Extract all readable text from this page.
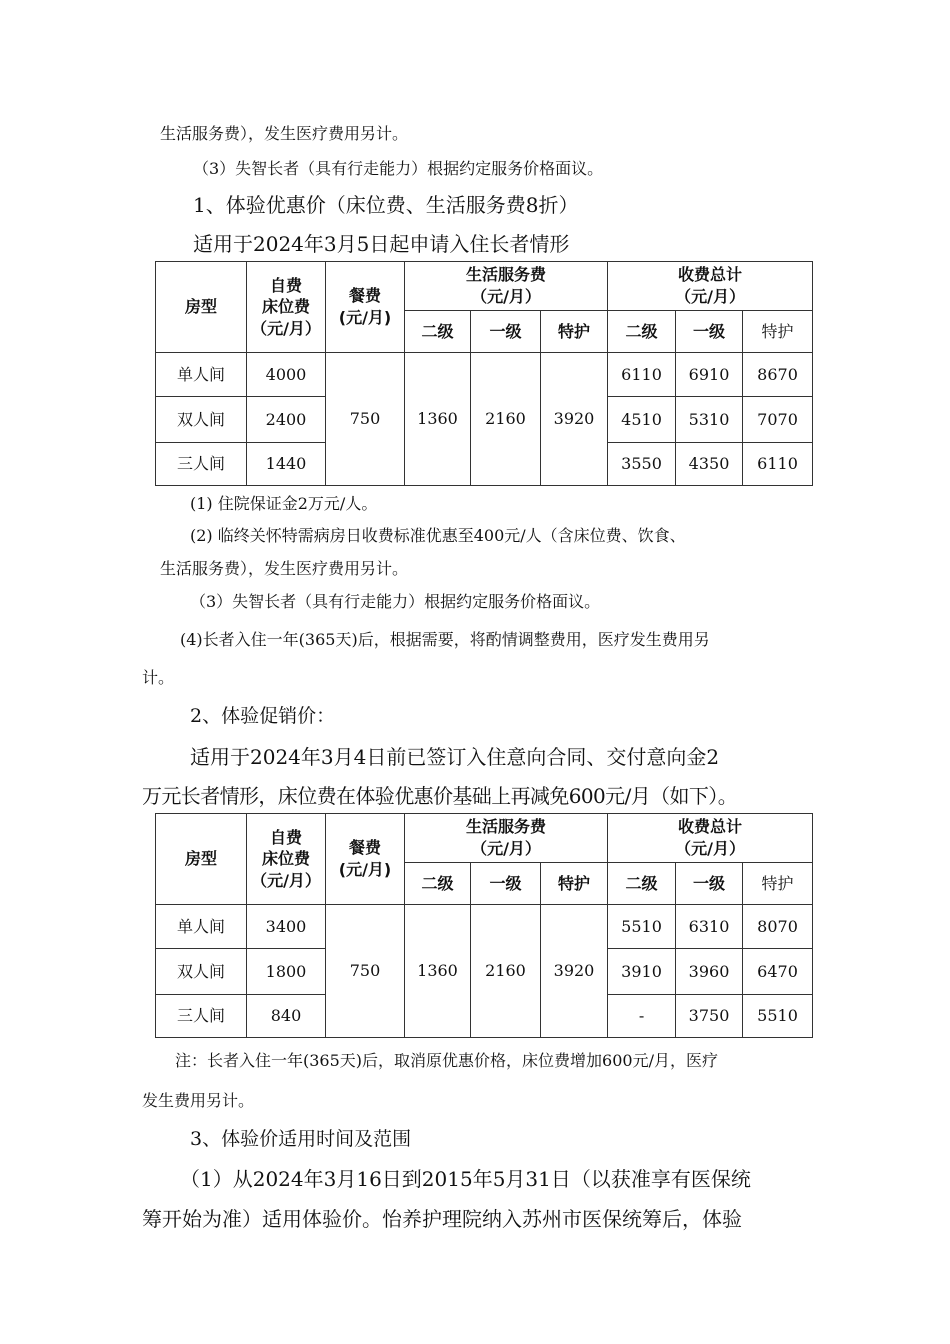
生活服务费），发生医疗费用另计。
（3）失智长者（具有行走能力）根据约定服务价格面议。
1、体验优惠价（床位费、生活服务费8折）
适用于2024年3月5日起申请入住长者情形
房型	自费
床位费
（元/月）	餐费
(元/月)	生活服务费
（元/月）			收费总计
（元/月）		
			二级	一级	特护	二级	一级	特护
单人间	4000	750	1360	2160	3920	6110	6910	8670
双人间	2400					4510	5310	7070
三人间	1440					3550	4350	6110
(1) 住院保证金2万元/人。
(2) 临终关怀特需病房日收费标准优惠至400元/人（含床位费、饮食、
生活服务费），发生医疗费用另计。
（3）失智长者（具有行走能力）根据约定服务价格面议。
(4)长者入住一年(365天)后，根据需要，将酌情调整费用，医疗发生费用另
计。
2、体验促销价：
适用于2024年3月4日前已签订入住意向合同、交付意向金2
万元长者情形，床位费在体验优惠价基础上再减免600元/月（如下）。
房型	自费
床位费
（元/月）	餐费
(元/月)	生活服务费
（元/月）			收费总计
（元/月）		
			二级	一级	特护	二级	一级	特护
单人间	3400	750	1360	2160	3920	5510	6310	8070
双人间	1800					3910	3960	6470
三人间	840					-	3750	5510
注：长者入住一年(365天)后，取消原优惠价格，床位费增加600元/月，医疗
发生费用另计。
3、体验价适用时间及范围
（1）从2024年3月16日到2015年5月31日（以获准享有医保统
筹开始为准）适用体验价。怡养护理院纳入苏州市医保统筹后，体验
